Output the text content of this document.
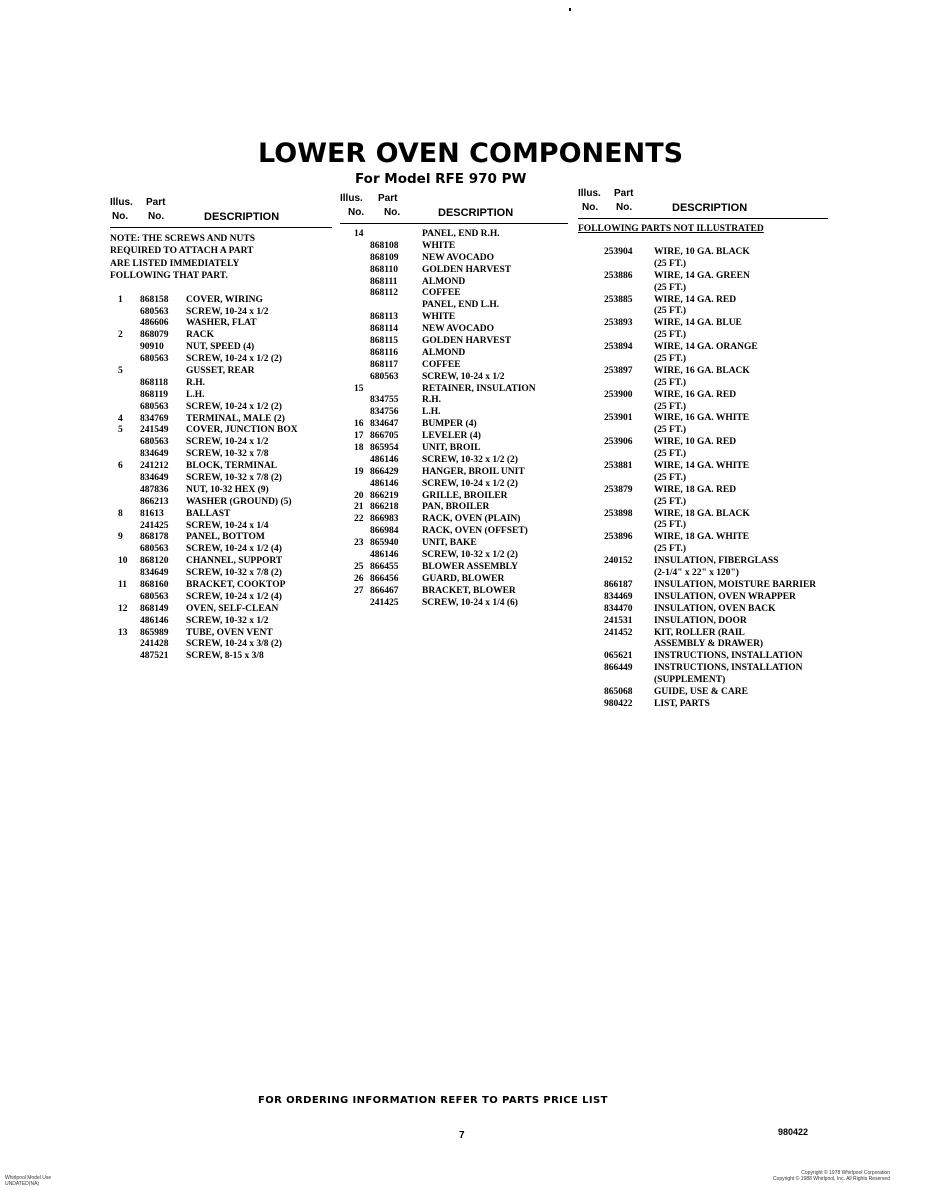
LOWER OVEN COMPONENTS
For Model RFE 970 PW
Illus. Part
No. No.	DESCRIPTION
NOTE: THE SCREWS AND NUTS
REQUIRED TO ATTACH A PART
ARE LISTED IMMEDIATELY
FOLLOWING THAT PART.
1	868158 COVER, WIRING
680563 SCREW, 10-24 x 1/2
486606 WASHER, FLAT
2	868079 RACK
90910 NUT, SPEED (4)
680563 SCREW, 10-24 x 1/2 (2)
5	GUSSET, REAR
868118 R.H.
868119 L.H.
680563 SCREW, 10-24 x 1/2 (2)
4	834769 TERMINAL, MALE (2)
5	241549 COVER, JUNCTION BOX
680563 SCREW, 10-24 x 1/2
834649 SCREW, 10-32 x 7/8
6	241212 BLOCK, TERMINAL
834649 SCREW, 10-32 x 7/8 (2)
487836 NUT, 10-32 HEX (9)
866213 WASHER (GROUND) (5)
8	81613 BALLAST
241425 SCREW, 10-24 x 1/4
9	868178 PANEL, BOTTOM
680563 SCREW, 10-24 x 1/2 (4)
10	868120 CHANNEL, SUPPORT
834649 SCREW, 10-32 x 7/8 (2)
11	868160 BRACKET, COOKTOP
680563 SCREW, 10-24 x 1/2 (4)
12	868149 OVEN, SELF-CLEAN
486146 SCREW, 10-32 x 1/2
13	865989 TUBE, OVEN VENT
241428 SCREW, 10-24 x 3/8 (2)
487521 SCREW, 8-15 x 3/8
Illus. Part
No. No.	DESCRIPTION
14	PANEL, END R.H.
868108 WHITE
868109 NEW AVOCADO
868110	GOLDEN HARVEST
868111	ALMOND
868112	COFFEE
PANEL, END L.H.
868113	WHITE
868114	NEW AVOCADO
868115	GOLDEN HARVEST
868116	ALMOND
868117	COFFEE
680563 SCREW, 10-24 x 1/2
15	RETAINER, INSULATION
834755 R.H.
834756 L.H.
16 834647 BUMPER (4)
17 866705 LEVELER (4)
18 865954 UNIT, BROIL
486146 SCREW, 10-32 x 1/2 (2)
19 866429 HANGER, BROIL UNIT
486146 SCREW, 10-24 x 1/2 (2)
20 866219 GRILLE, BROILER
21 866218 PAN, BROILER
22 866983 RACK, OVEN (PLAIN)
866984 RACK, OVEN (OFFSET)
23 865940 UNIT, BAKE
486146 SCREW, 10-32 x 1/2 (2)
25 866455 BLOWER ASSEMBLY
26 866456 GUARD, BLOWER
27 866467 BRACKET, BLOWER
241425 SCREW, 10-24 x 1/4 (6)
Illus. Part
No. No.	DESCRIPTION
FOLLOWING PARTS NOT ILLUSTRATED
253904 WIRE, 10 GA. BLACK
(25 FT.)
253886 WIRE, 14 GA. GREEN
(25 FT.)
253885 WIRE, 14 GA. RED
(25 FT.)
253893 WIRE, 14 GA. BLUE
(25 FT.)
253894 WIRE, 14 GA. ORANGE
(25 FT.)
253897 WIRE, 16 GA. BLACK
(25 FT.)
253900 WIRE, 16 GA. RED
(25 FT.)
253901 WIRE, 16 GA. WHITE
(25 FT.)
253906 WIRE, 10 GA. RED
(25 FT.)
253881 WIRE, 14 GA. WHITE
(25 FT.)
253879 WIRE, 18 GA. RED
(25 FT.)
253898 WIRE, 18 GA. BLACK
(25 FT.)
253896 WIRE, 18 GA. WHITE
(25 FT.)
240152 INSULATION, FIBERGLASS
(2-1/4" x 22" x 120")
866187 INSULATION, MOISTURE BARRIER
834469 INSULATION, OVEN WRAPPER
834470 INSULATION, OVEN BACK
241531 INSULATION, DOOR
241452 KIT, ROLLER (RAIL
ASSEMBLY & DRAWER)
065621 INSTRUCTIONS, INSTALLATION
866449 INSTRUCTIONS, INSTALLATION
(SUPPLEMENT)
865068 GUIDE, USE & CARE
980422 LIST, PARTS
FOR ORDERING INFORMATION REFER TO PARTS PRICE LIST
7	980422
Whirlpool Model Use
UNDATED(NA)
Copyright © 1978 Whirlpool Corporation
Copyright © 1988 Whirlpool, Inc. All Rights Reserved
